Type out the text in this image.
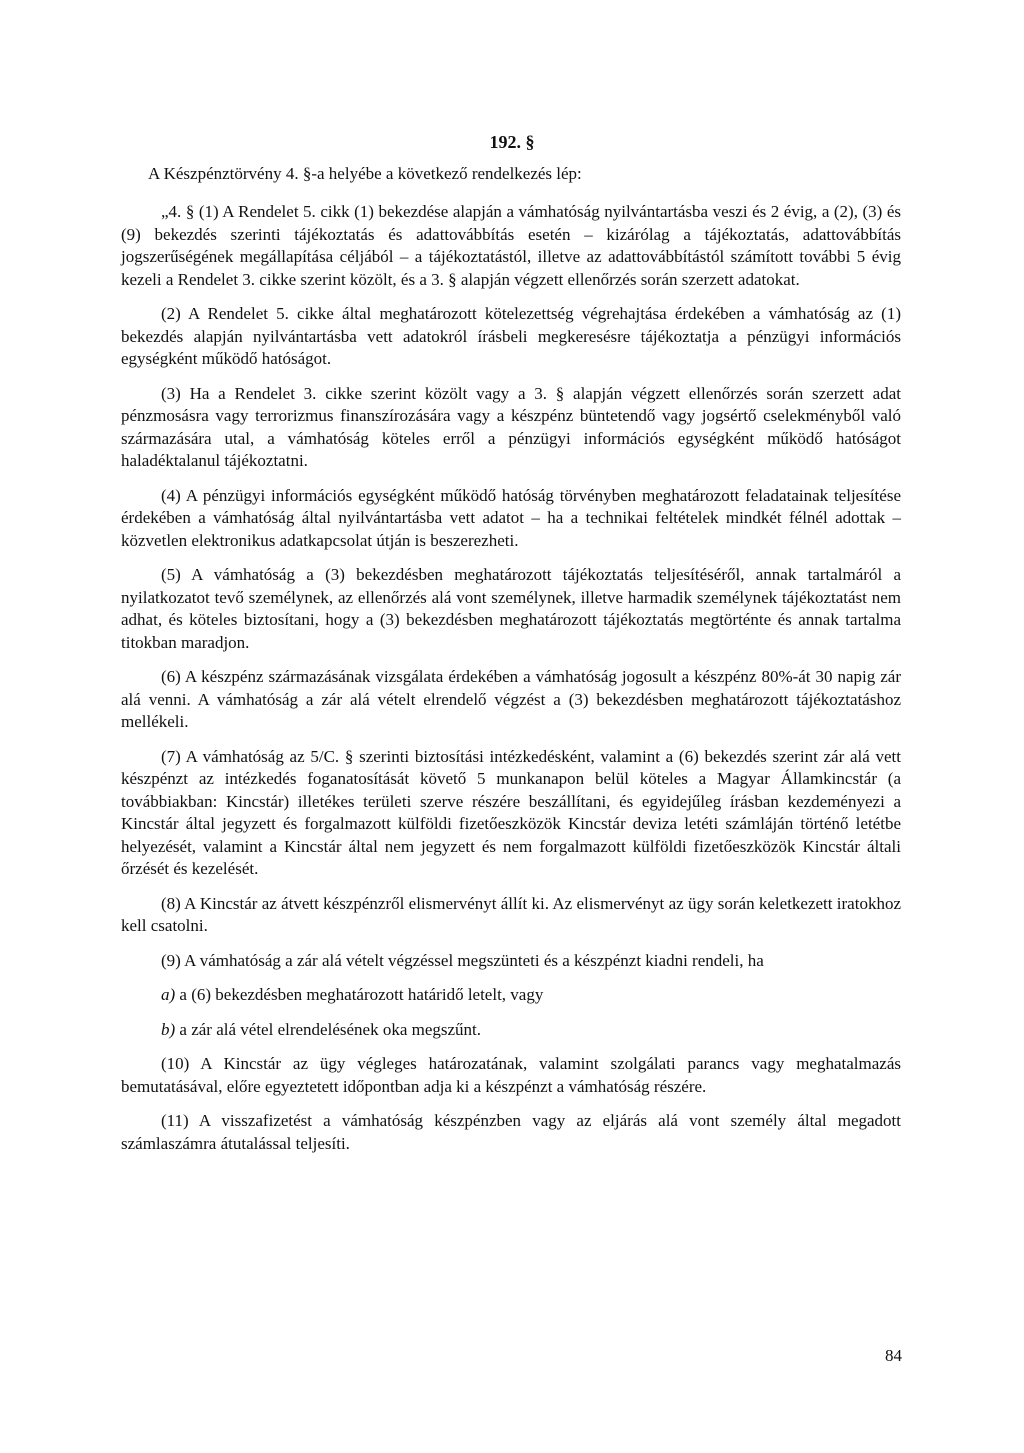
192. §

A Készpénztörvény 4. §-a helyébe a következő rendelkezés lép:

„4. § (1) A Rendelet 5. cikk (1) bekezdése alapján a vámhatóság nyilvántartásba veszi és 2 évig, a (2), (3) és (9) bekezdés szerinti tájékoztatás és adattovábbítás esetén – kizárólag a tájékoztatás, adattovábbítás jogszerűségének megállapítása céljából – a tájékoztatástól, illetve az adattovábbítástól számított további 5 évig kezeli a Rendelet 3. cikke szerint közölt, és a 3. § alapján végzett ellenőrzés során szerzett adatokat.

(2) A Rendelet 5. cikke által meghatározott kötelezettség végrehajtása érdekében a vámhatóság az (1) bekezdés alapján nyilvántartásba vett adatokról írásbeli megkeresésre tájékoztatja a pénzügyi információs egységként működő hatóságot.

(3) Ha a Rendelet 3. cikke szerint közölt vagy a 3. § alapján végzett ellenőrzés során szerzett adat pénzmosásra vagy terrorizmus finanszírozására vagy a készpénz büntetendő vagy jogsértő cselekményből való származására utal, a vámhatóság köteles erről a pénzügyi információs egységként működő hatóságot haladéktalanul tájékoztatni.

(4) A pénzügyi információs egységként működő hatóság törvényben meghatározott feladatainak teljesítése érdekében a vámhatóság által nyilvántartásba vett adatot – ha a technikai feltételek mindkét félnél adottak – közvetlen elektronikus adatkapcsolat útján is beszerezheti.

(5) A vámhatóság a (3) bekezdésben meghatározott tájékoztatás teljesítéséről, annak tartalmáról a nyilatkozatot tevő személynek, az ellenőrzés alá vont személynek, illetve harmadik személynek tájékoztatást nem adhat, és köteles biztosítani, hogy a (3) bekezdésben meghatározott tájékoztatás megtörténte és annak tartalma titokban maradjon.

(6) A készpénz származásának vizsgálata érdekében a vámhatóság jogosult a készpénz 80%-át 30 napig zár alá venni. A vámhatóság a zár alá vételt elrendelő végzést a (3) bekezdésben meghatározott tájékoztatáshoz mellékeli.

(7) A vámhatóság az 5/C. § szerinti biztosítási intézkedésként, valamint a (6) bekezdés szerint zár alá vett készpénzt az intézkedés foganatosítását követő 5 munkanapon belül köteles a Magyar Államkincstár (a továbbiakban: Kincstár) illetékes területi szerve részére beszállítani, és egyidejűleg írásban kezdeményezi a Kincstár által jegyzett és forgalmazott külföldi fizetőeszközök Kincstár deviza letéti számláján történő letétbe helyezését, valamint a Kincstár által nem jegyzett és nem forgalmazott külföldi fizetőeszközök Kincstár általi őrzését és kezelését.

(8) A Kincstár az átvett készpénzről elismervényt állít ki. Az elismervényt az ügy során keletkezett iratokhoz kell csatolni.

(9) A vámhatóság a zár alá vételt végzéssel megszünteti és a készpénzt kiadni rendeli, ha

a) a (6) bekezdésben meghatározott határidő letelt, vagy

b) a zár alá vétel elrendelésének oka megszűnt.

(10) A Kincstár az ügy végleges határozatának, valamint szolgálati parancs vagy meghatalmazás bemutatásával, előre egyeztetett időpontban adja ki a készpénzt a vámhatóság részére.

(11) A visszafizetést a vámhatóság készpénzben vagy az eljárás alá vont személy által megadott számlaszámra átutalással teljesíti.

84
